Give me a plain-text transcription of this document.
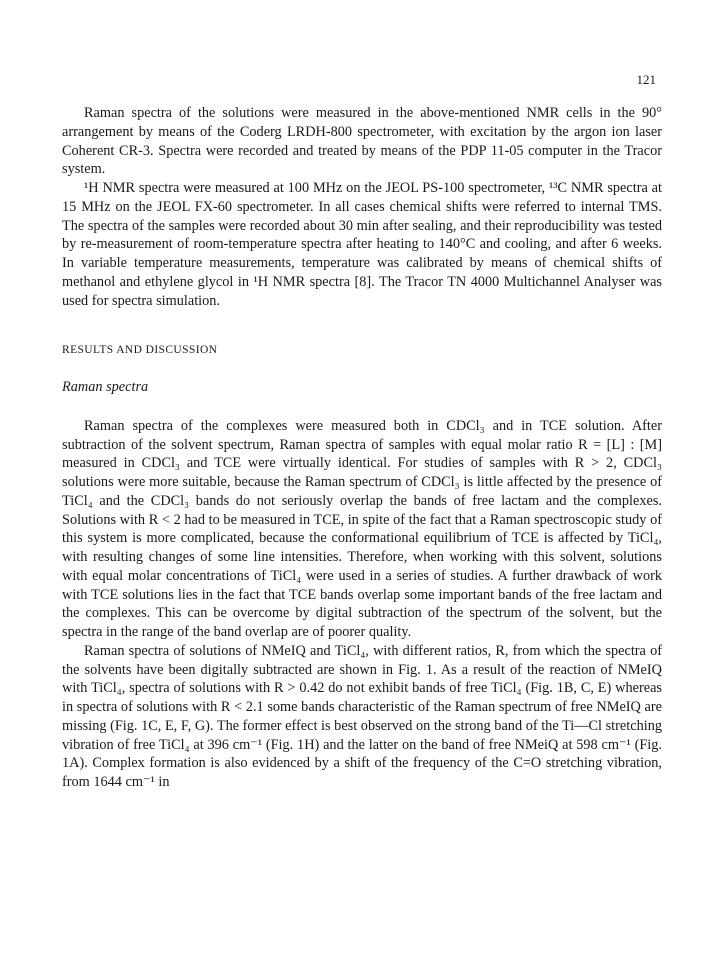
121

Raman spectra of the solutions were measured in the above-mentioned NMR cells in the 90° arrangement by means of the Coderg LRDH-800 spectrometer, with excitation by the argon ion laser Coherent CR-3. Spectra were recorded and treated by means of the PDP 11-05 computer in the Tracor system.

¹H NMR spectra were measured at 100 MHz on the JEOL PS-100 spectrometer, ¹³C NMR spectra at 15 MHz on the JEOL FX-60 spectrometer. In all cases chemical shifts were referred to internal TMS. The spectra of the samples were recorded about 30 min after sealing, and their reproducibility was tested by re-measurement of room-temperature spectra after heating to 140°C and cooling, and after 6 weeks. In variable temperature measurements, temperature was calibrated by means of chemical shifts of methanol and ethylene glycol in ¹H NMR spectra [8]. The Tracor TN 4000 Multichannel Analyser was used for spectra simulation.

RESULTS AND DISCUSSION
Raman spectra

Raman spectra of the complexes were measured both in CDCl₃ and in TCE solution. After subtraction of the solvent spectrum, Raman spectra of samples with equal molar ratio R = [L] : [M] measured in CDCl₃ and TCE were virtually identical. For studies of samples with R > 2, CDCl₃ solutions were more suitable, because the Raman spectrum of CDCl₃ is little affected by the presence of TiCl₄ and the CDCl₃ bands do not seriously overlap the bands of free lactam and the complexes. Solutions with R < 2 had to be measured in TCE, in spite of the fact that a Raman spectroscopic study of this system is more complicated, because the conformational equilibrium of TCE is affected by TiCl₄, with resulting changes of some line intensities. Therefore, when working with this solvent, solutions with equal molar concentrations of TiCl₄ were used in a series of studies. A further drawback of work with TCE solutions lies in the fact that TCE bands overlap some important bands of the free lactam and the complexes. This can be overcome by digital subtraction of the spectrum of the solvent, but the spectra in the range of the band overlap are of poorer quality.

Raman spectra of solutions of NMeIQ and TiCl₄, with different ratios, R, from which the spectra of the solvents have been digitally subtracted are shown in Fig. 1. As a result of the reaction of NMeIQ with TiCl₄, spectra of solutions with R > 0.42 do not exhibit bands of free TiCl₄ (Fig. 1B, C, E) whereas in spectra of solutions with R < 2.1 some bands characteristic of the Raman spectrum of free NMeIQ are missing (Fig. 1C, E, F, G). The former effect is best observed on the strong band of the Ti—Cl stretching vibration of free TiCl₄ at 396 cm⁻¹ (Fig. 1H) and the latter on the band of free NMeiQ at 598 cm⁻¹ (Fig. 1A). Complex formation is also evidenced by a shift of the frequency of the C=O stretching vibration, from 1644 cm⁻¹ in
